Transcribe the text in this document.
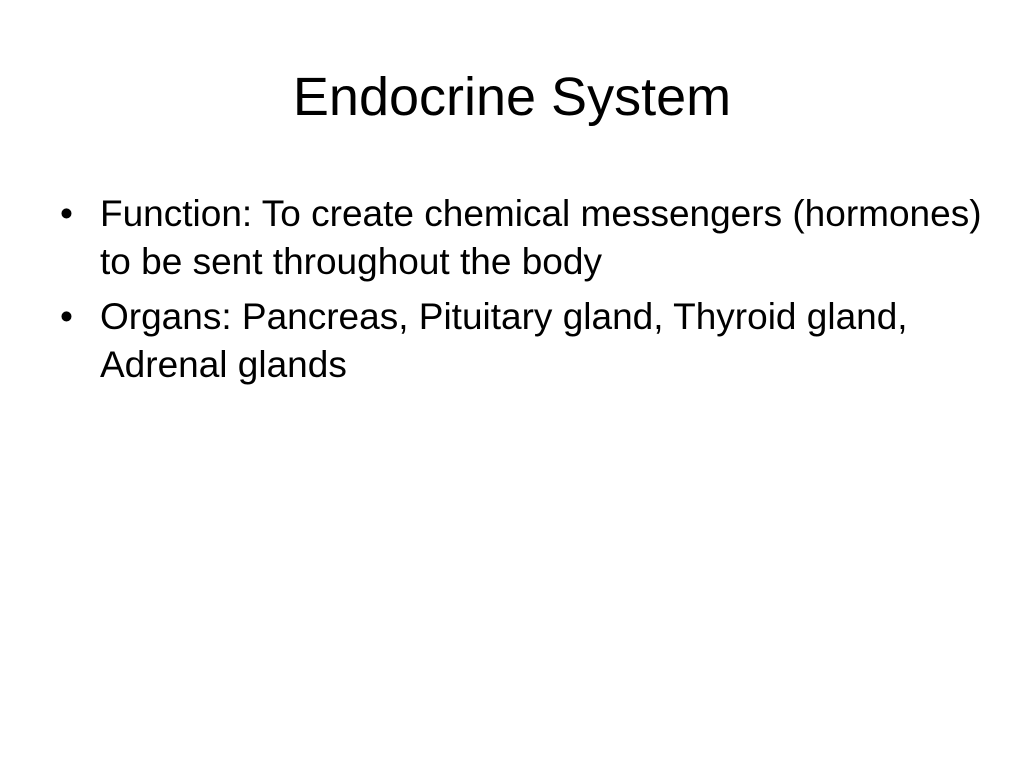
Endocrine System
• Function: To create chemical messengers (hormones) to be sent throughout the body
• Organs: Pancreas, Pituitary gland, Thyroid gland, Adrenal glands
